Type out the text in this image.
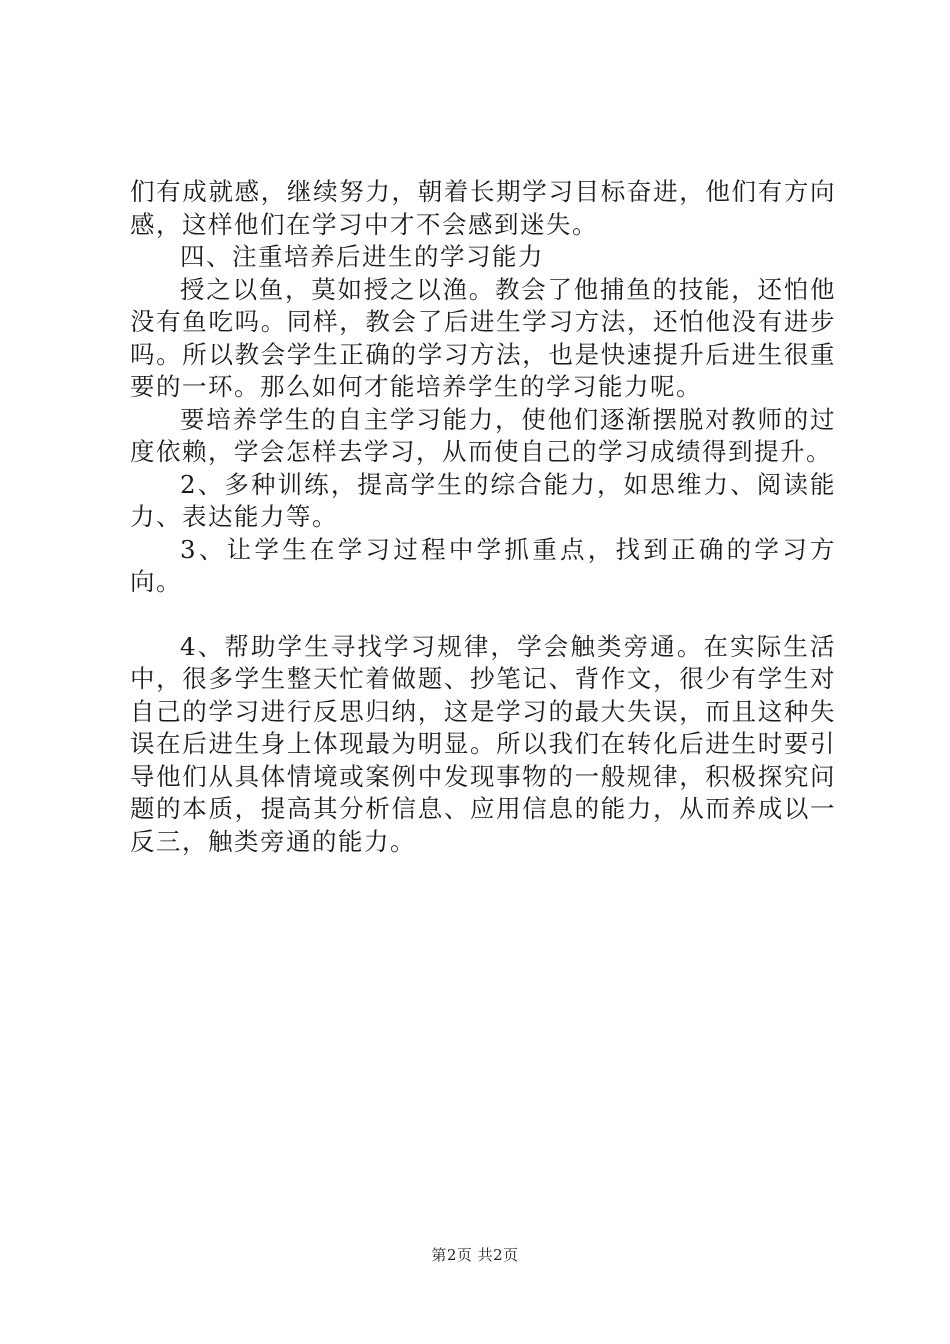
们有成就感，继续努力，朝着长期学习目标奋进，他们有方向感，这样他们在学习中才不会感到迷失。

四、注重培养后进生的学习能力

授之以鱼，莫如授之以渔。教会了他捕鱼的技能，还怕他没有鱼吃吗。同样，教会了后进生学习方法，还怕他没有进步吗。所以教会学生正确的学习方法，也是快速提升后进生很重要的一环。那么如何才能培养学生的学习能力呢。

要培养学生的自主学习能力，使他们逐渐摆脱对教师的过度依赖，学会怎样去学习，从而使自己的学习成绩得到提升。

2、多种训练，提高学生的综合能力，如思维力、阅读能力、表达能力等。

3、让学生在学习过程中学抓重点，找到正确的学习方向。

4、帮助学生寻找学习规律，学会触类旁通。在实际生活中，很多学生整天忙着做题、抄笔记、背作文，很少有学生对自己的学习进行反思归纳，这是学习的最大失误，而且这种失误在后进生身上体现最为明显。所以我们在转化后进生时要引导他们从具体情境或案例中发现事物的一般规律，积极探究问题的本质，提高其分析信息、应用信息的能力，从而养成以一反三，触类旁通的能力。

第2页 共2页
